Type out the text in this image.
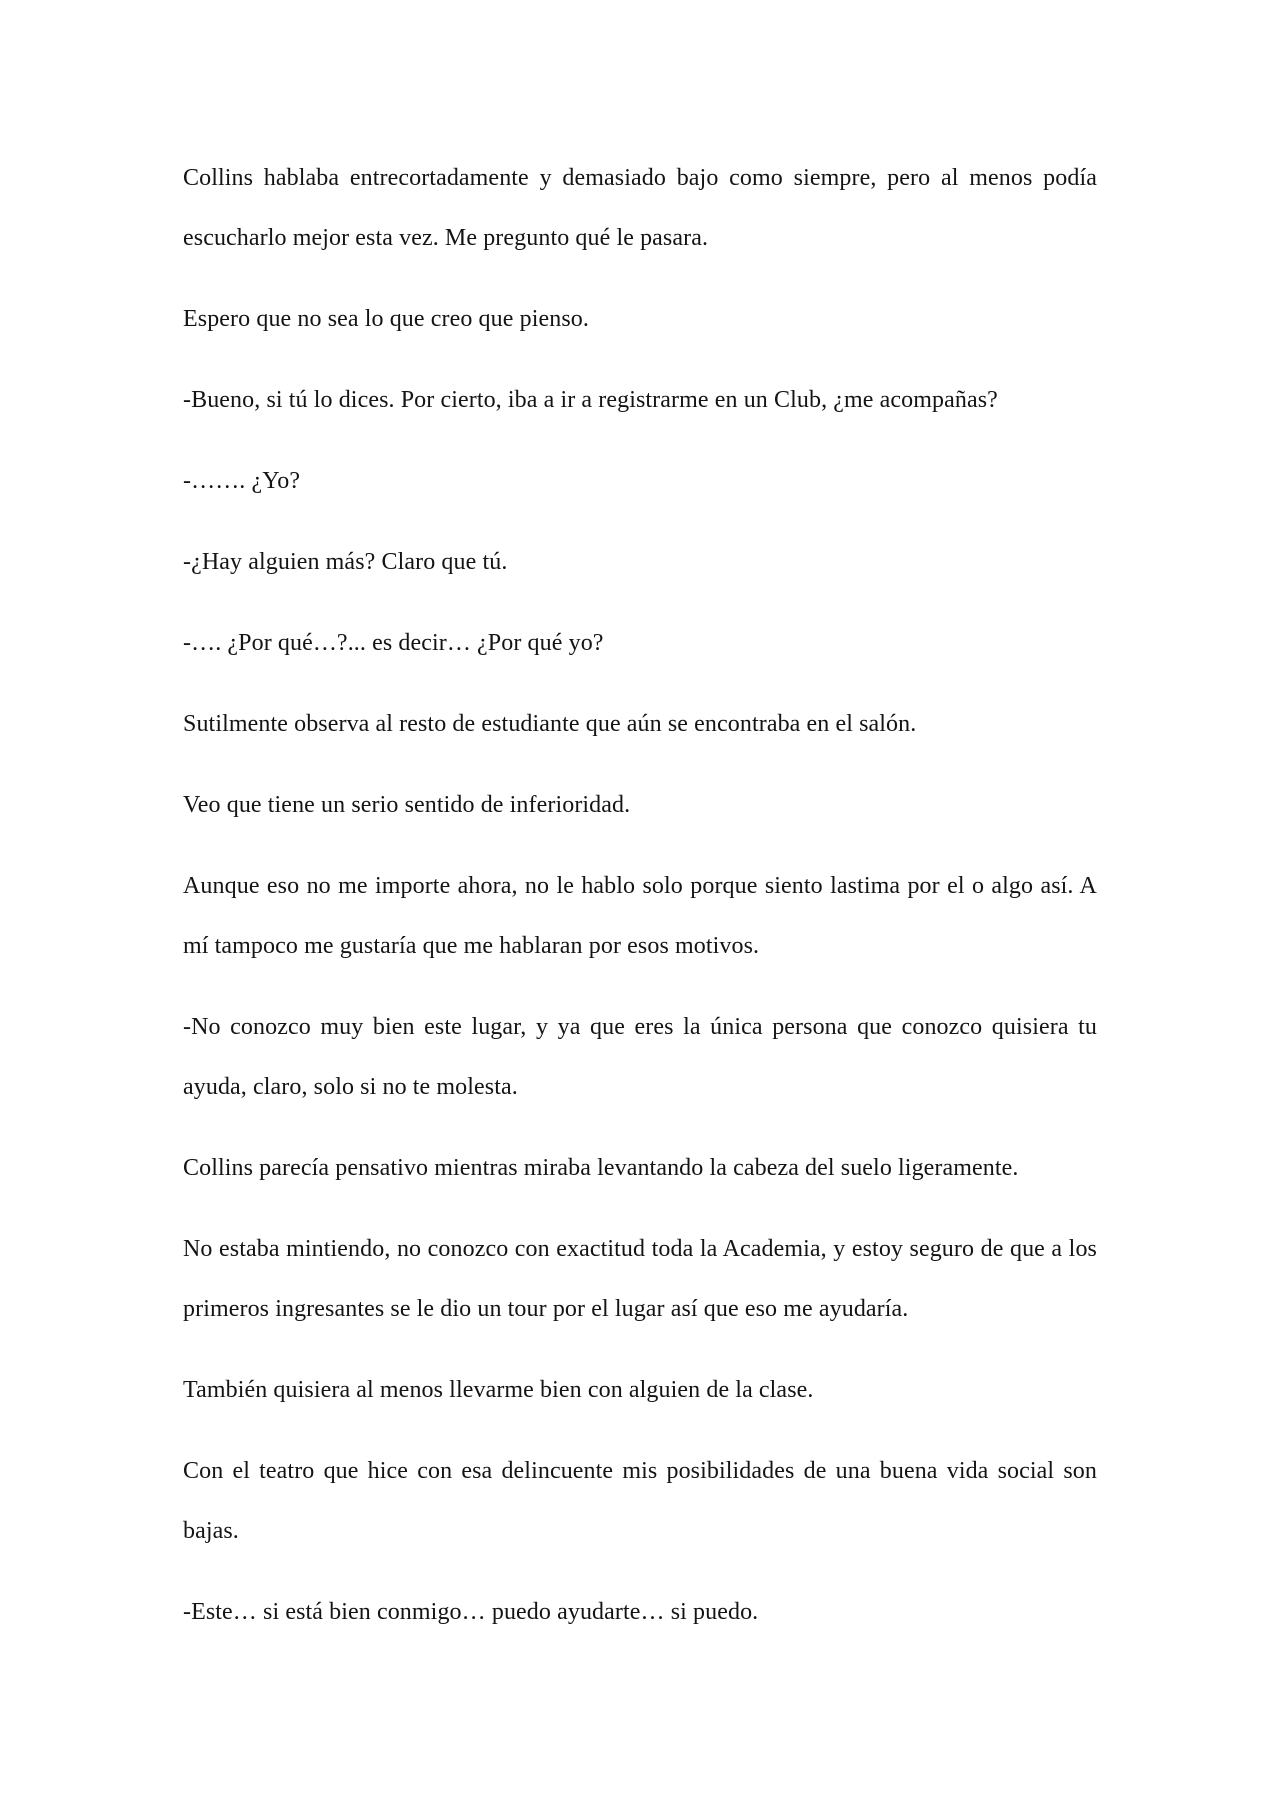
Collins hablaba entrecortadamente y demasiado bajo como siempre, pero al menos podía escucharlo mejor esta vez. Me pregunto qué le pasara.

Espero que no sea lo que creo que pienso.

-Bueno, si tú lo dices. Por cierto, iba a ir a registrarme en un Club, ¿me acompañas?

-……. ¿Yo?

-¿Hay alguien más? Claro que tú.

-…. ¿Por qué…?... es decir… ¿Por qué yo?

Sutilmente observa al resto de estudiante que aún se encontraba en el salón.

Veo que tiene un serio sentido de inferioridad.

Aunque eso no me importe ahora, no le hablo solo porque siento lastima por el o algo así. A mí tampoco me gustaría que me hablaran por esos motivos.

-No conozco muy bien este lugar, y ya que eres la única persona que conozco quisiera tu ayuda, claro, solo si no te molesta.

Collins parecía pensativo mientras miraba levantando la cabeza del suelo ligeramente.

No estaba mintiendo, no conozco con exactitud toda la Academia, y estoy seguro de que a los primeros ingresantes se le dio un tour por el lugar así que eso me ayudaría.

También quisiera al menos llevarme bien con alguien de la clase.

Con el teatro que hice con esa delincuente mis posibilidades de una buena vida social son bajas.

-Este… si está bien conmigo… puedo ayudarte… si puedo.
